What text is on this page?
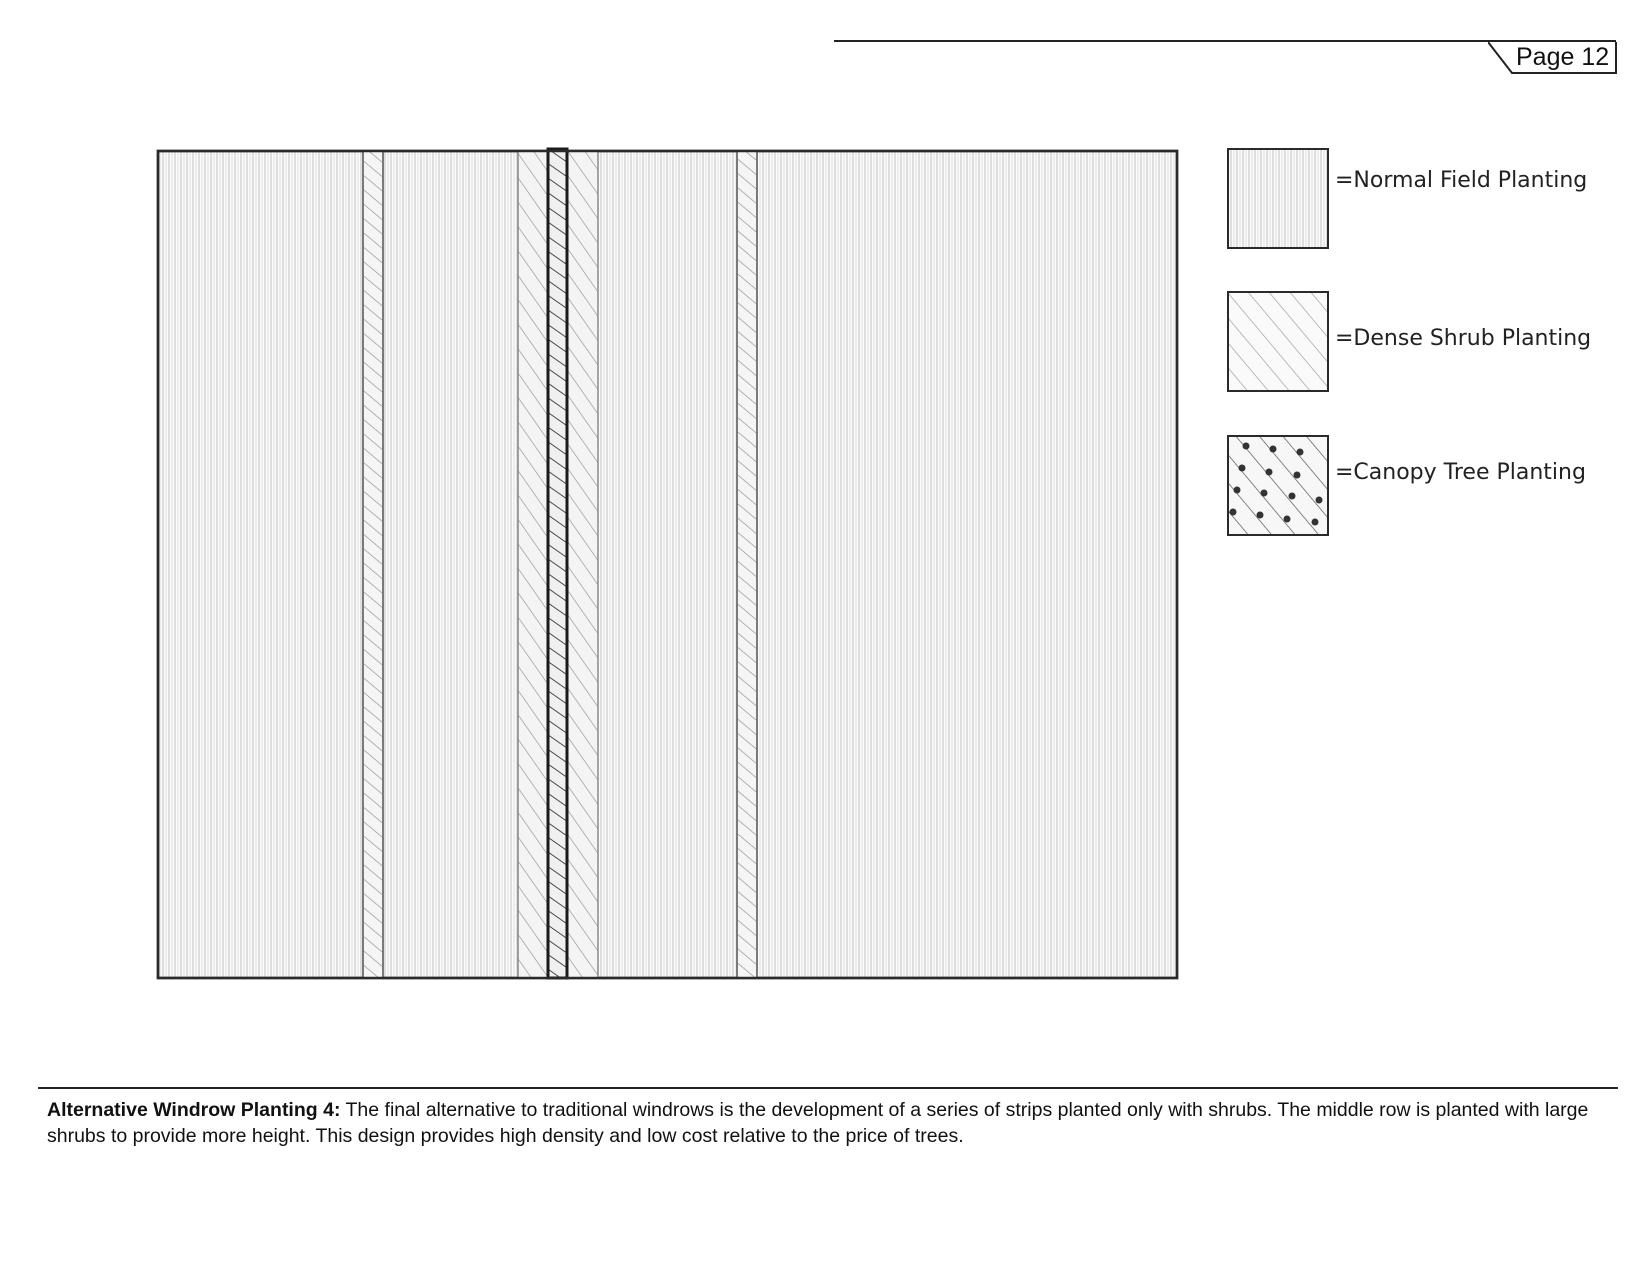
Page 12
=Normal Field Planting
=Dense Shrub Planting
=Canopy Tree Planting
Alternative Windrow Planting 4: The final alternative to traditional windrows is the development of a series of strips planted only with shrubs. The middle row is planted with large shrubs to provide more height. This design provides high density and low cost relative to the price of trees.
